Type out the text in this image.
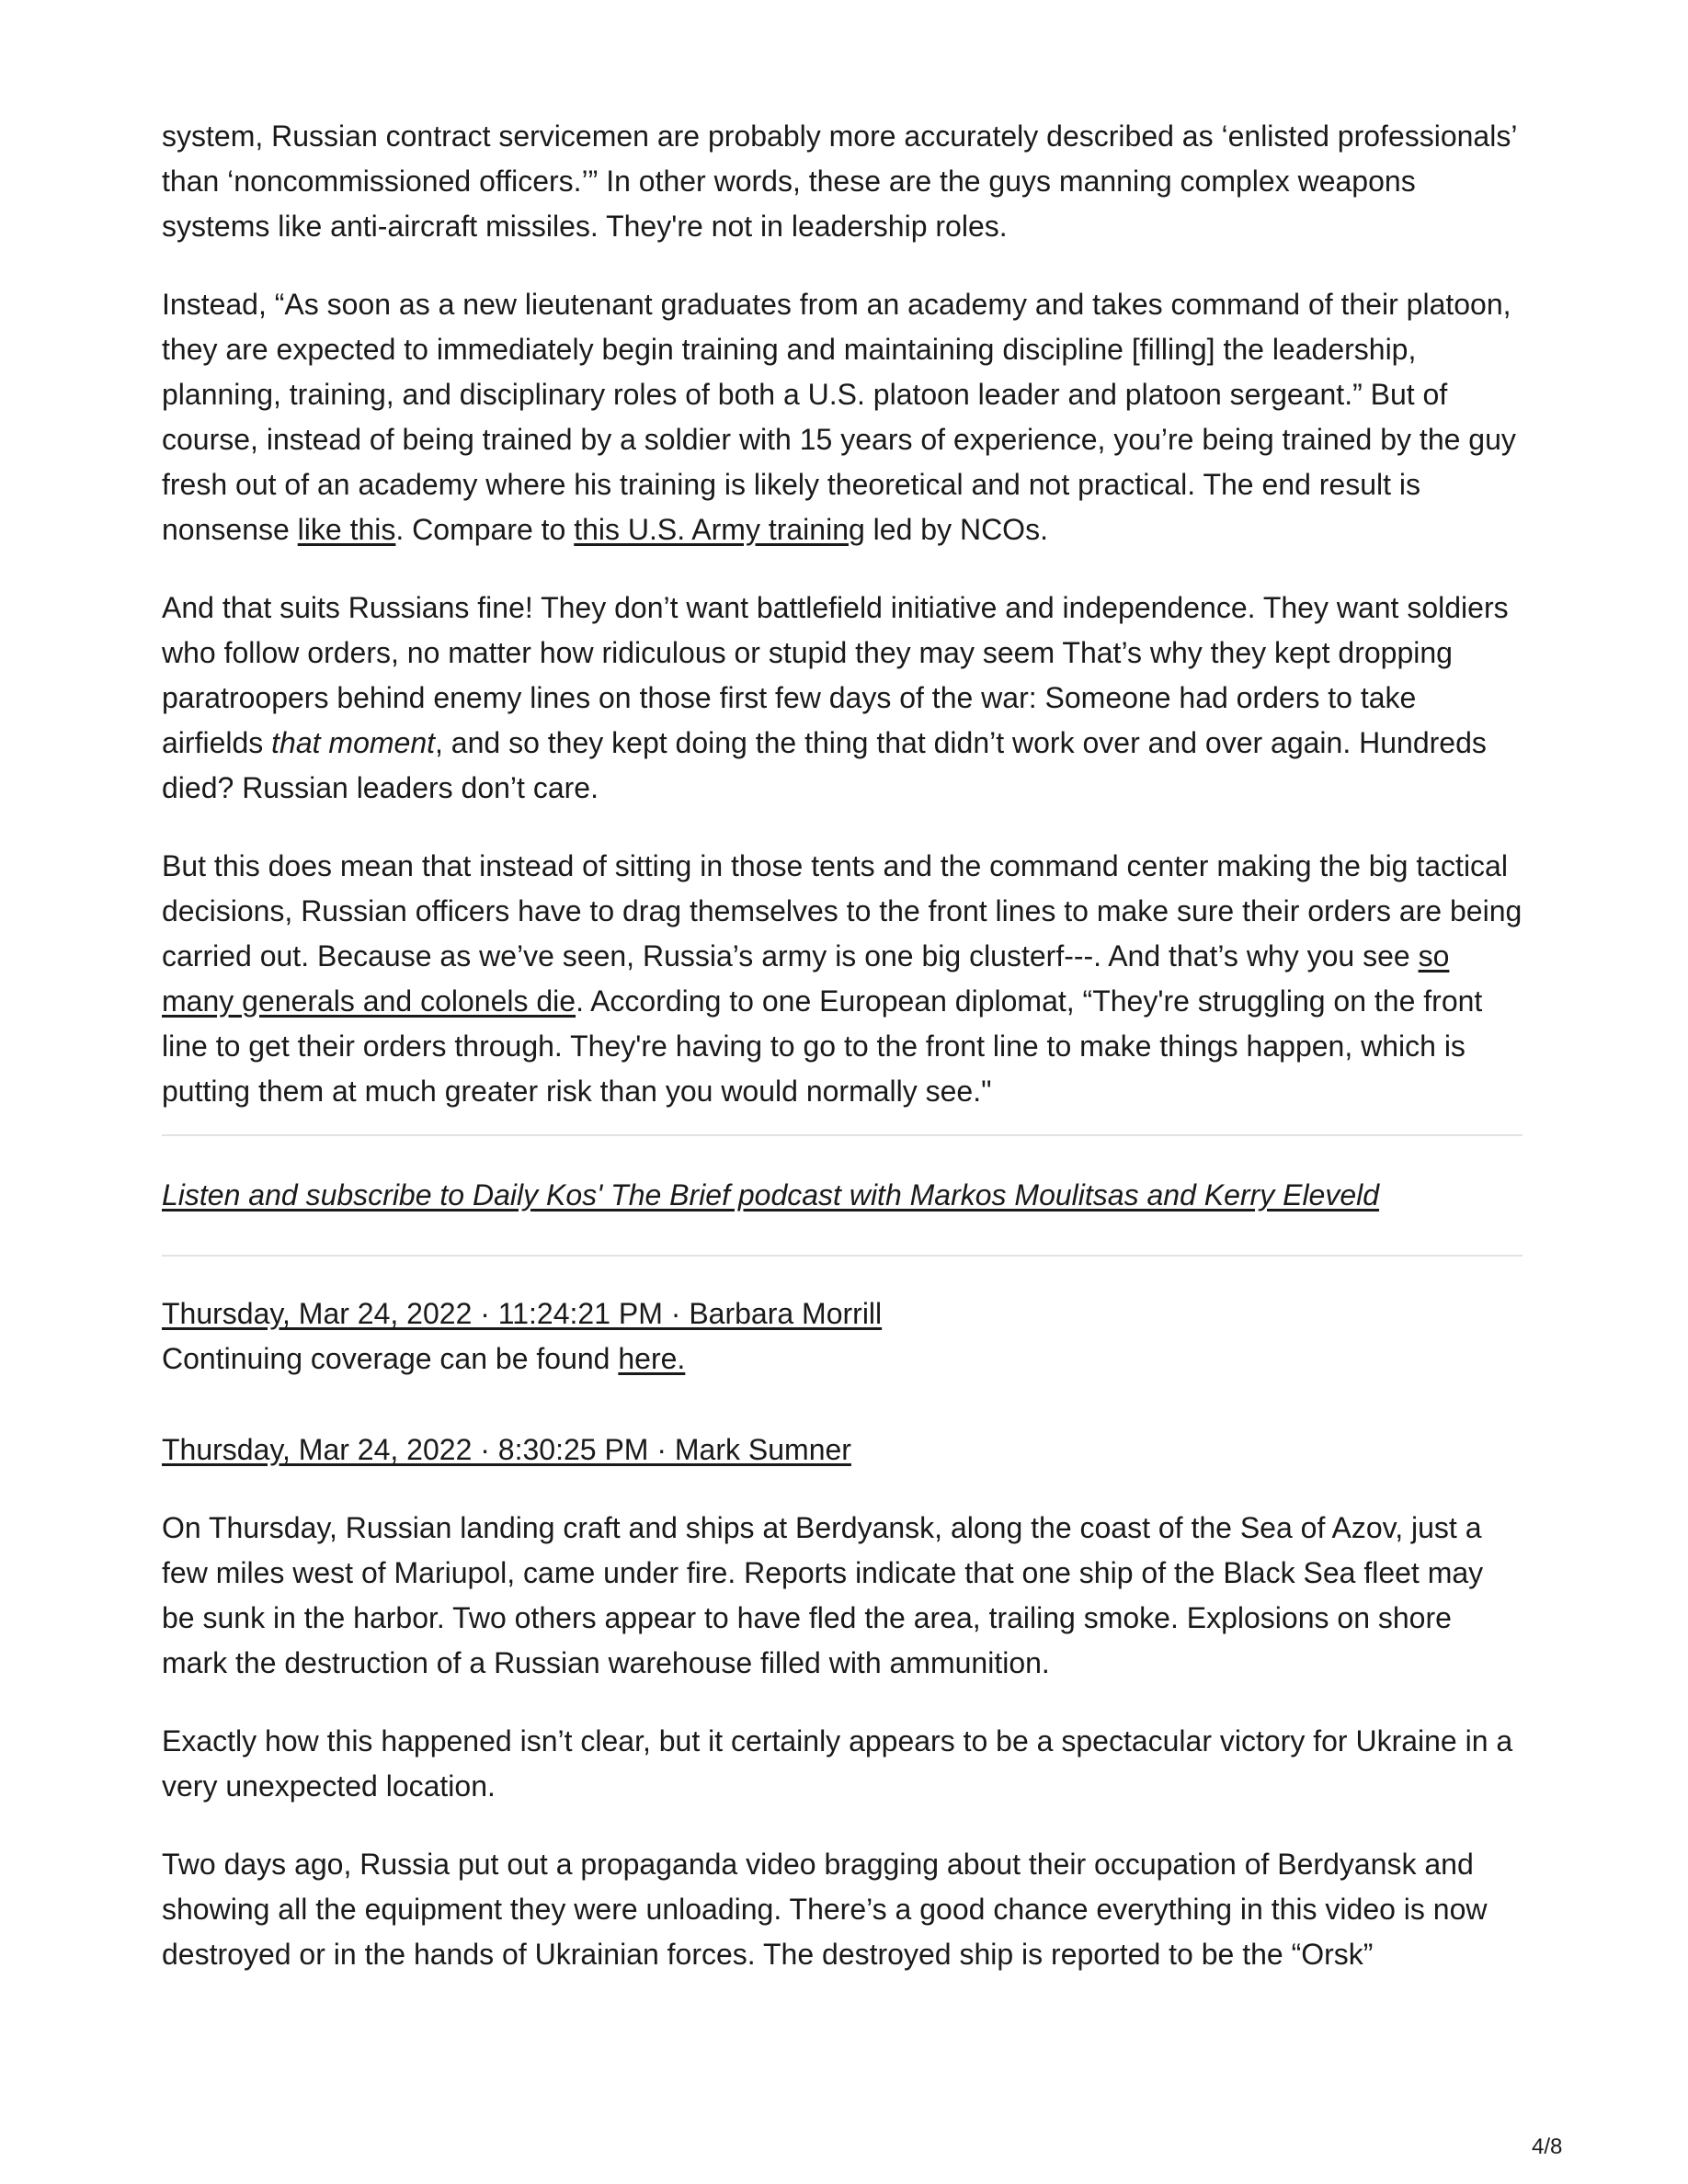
system, Russian contract servicemen are probably more accurately described as ‘enlisted professionals’ than ‘noncommissioned officers.’” In other words, these are the guys manning complex weapons systems like anti-aircraft missiles. They're not in leadership roles.

Instead, “As soon as a new lieutenant graduates from an academy and takes command of their platoon, they are expected to immediately begin training and maintaining discipline [filling] the leadership, planning, training, and disciplinary roles of both a U.S. platoon leader and platoon sergeant.” But of course, instead of being trained by a soldier with 15 years of experience, you’re being trained by the guy fresh out of an academy where his training is likely theoretical and not practical. The end result is nonsense like this. Compare to this U.S. Army training led by NCOs.

And that suits Russians fine! They don’t want battlefield initiative and independence. They want soldiers who follow orders, no matter how ridiculous or stupid they may seem That’s why they kept dropping paratroopers behind enemy lines on those first few days of the war: Someone had orders to take airfields that moment, and so they kept doing the thing that didn’t work over and over again. Hundreds died? Russian leaders don’t care.

But this does mean that instead of sitting in those tents and the command center making the big tactical decisions, Russian officers have to drag themselves to the front lines to make sure their orders are being carried out. Because as we’ve seen, Russia’s army is one big clusterf---. And that’s why you see so many generals and colonels die. According to one European diplomat, “They're struggling on the front line to get their orders through. They're having to go to the front line to make things happen, which is putting them at much greater risk than you would normally see."

Listen and subscribe to Daily Kos' The Brief podcast with Markos Moulitsas and Kerry Eleveld

Thursday, Mar 24, 2022 · 11:24:21 PM · Barbara Morrill

Continuing coverage can be found here.

Thursday, Mar 24, 2022 · 8:30:25 PM · Mark Sumner

On Thursday, Russian landing craft and ships at Berdyansk, along the coast of the Sea of Azov, just a few miles west of Mariupol, came under fire. Reports indicate that one ship of the Black Sea fleet may be sunk in the harbor. Two others appear to have fled the area, trailing smoke. Explosions on shore mark the destruction of a Russian warehouse filled with ammunition.

Exactly how this happened isn’t clear, but it certainly appears to be a spectacular victory for Ukraine in a very unexpected location.

Two days ago, Russia put out a propaganda video bragging about their occupation of Berdyansk and showing all the equipment they were unloading. There’s a good chance everything in this video is now destroyed or in the hands of Ukrainian forces. The destroyed ship is reported to be the “Orsk”

4/8
